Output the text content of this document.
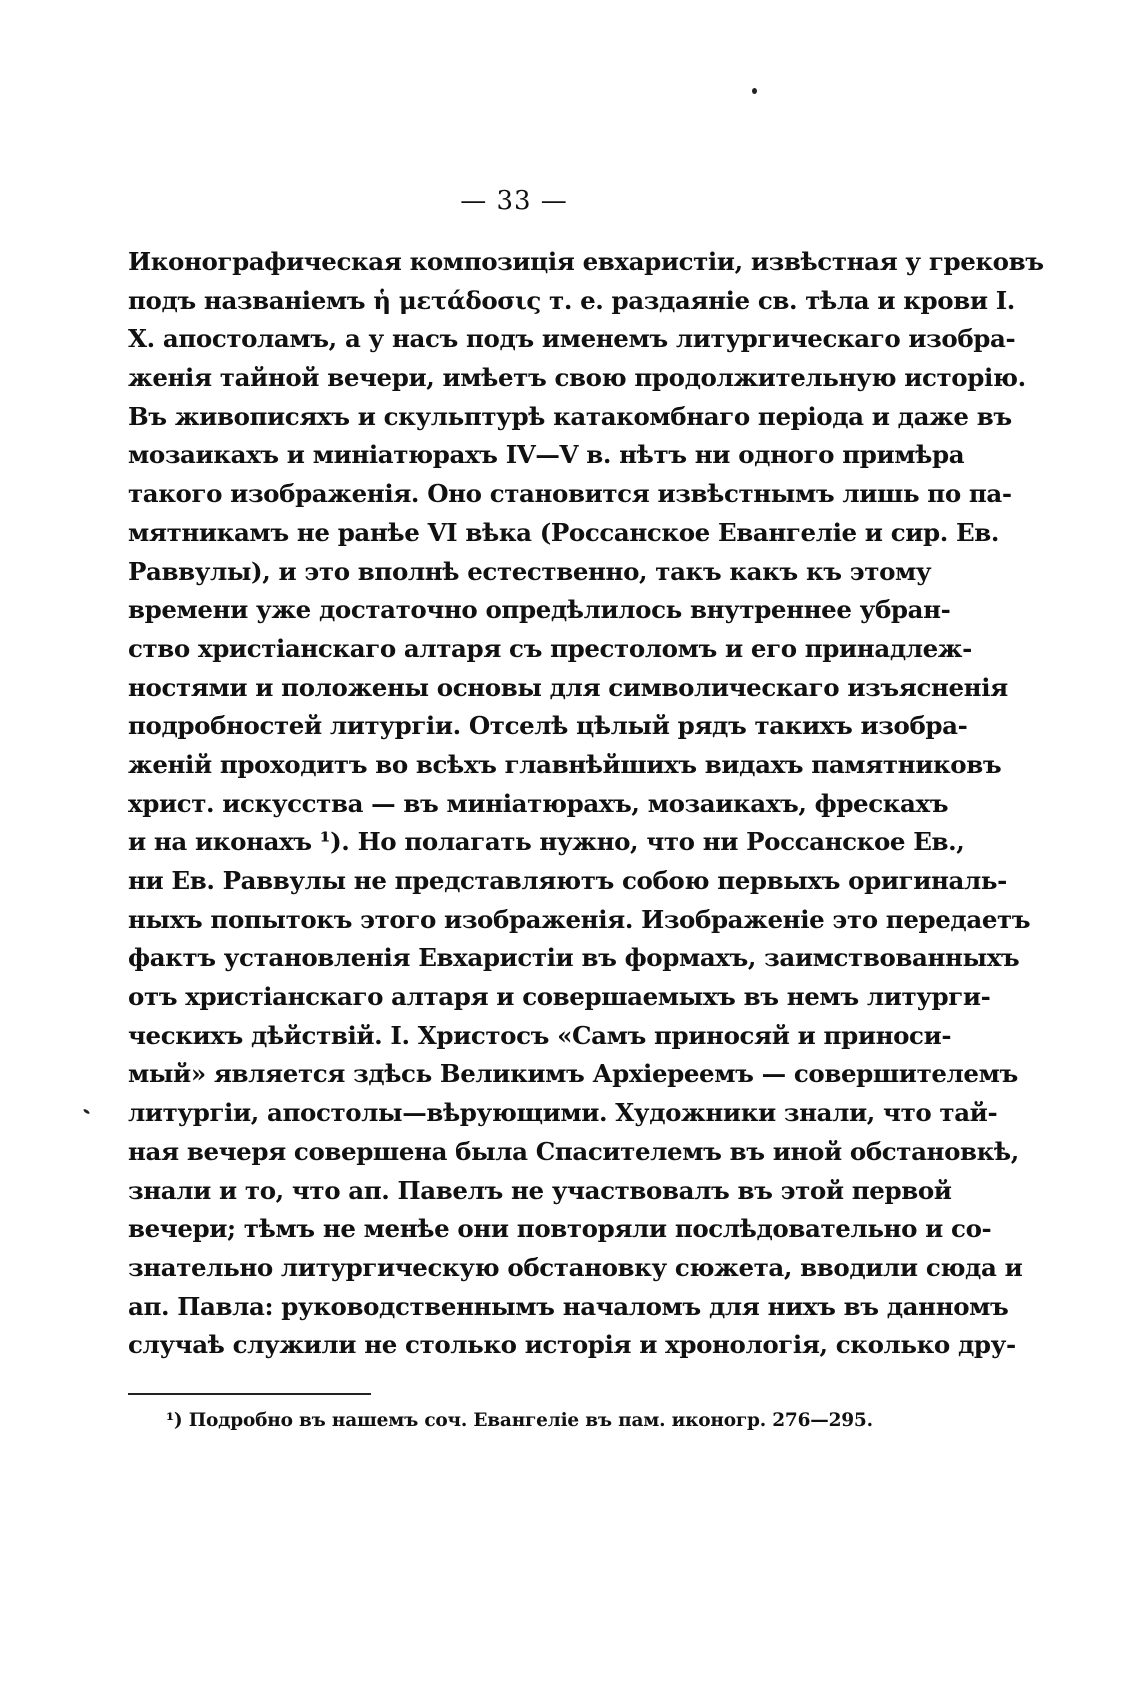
— 33 —
Иконографическая композиція евхаристіи, извѣстная у грековъ
подъ названіемъ ἡ μετάδοσις т. е. раздаяніе св. тѣла и крови І.
Х. апостоламъ, а у насъ подъ именемъ литургическаго изобра-
женія тайной вечери, имѣетъ свою продолжительную исторію.
Въ живописяхъ и скульптурѣ катакомбнаго періода и даже въ
мозаикахъ и миніатюрахъ IV—V в. нѣтъ ни одного примѣра
такого изображенія. Оно становится извѣстнымъ лишь по па-
мятникамъ не ранѣе VI вѣка (Россанское Евангеліе и сир. Ев.
Раввулы), и это вполнѣ естественно, такъ какъ къ этому
времени уже достаточно опредѣлилось внутреннее убран-
ство христіанскаго алтаря съ престоломъ и его принадлеж-
ностями и положены основы для символическаго изъясненія
подробностей литургіи. Отселѣ цѣлый рядъ такихъ изобра-
женій проходитъ во всѣхъ главнѣйшихъ видахъ памятниковъ
христ. искусства — въ миніатюрахъ, мозаикахъ, фрескахъ
и на иконахъ ¹). Но полагать нужно, что ни Россанское Ев.,
ни Ев. Раввулы не представляютъ собою первыхъ оригиналь-
ныхъ попытокъ этого изображенія. Изображеніе это передаетъ
фактъ установленія Евхаристіи въ формахъ, заимствованныхъ
отъ христіанскаго алтаря и совершаемыхъ въ немъ литурги-
ческихъ дѣйствій. І. Христосъ «Самъ приносяй и приноси-
мый» является здѣсь Великимъ Архіереемъ — совершителемъ
литургіи, апостолы—вѣрующими. Художники знали, что тай-
ная вечеря совершена была Спасителемъ въ иной обстановкѣ,
знали и то, что ап. Павелъ не участвовалъ въ этой первой
вечери; тѣмъ не менѣе они повторяли послѣдовательно и со-
знательно литургическую обстановку сюжета, вводили сюда и
ап. Павла: руководственнымъ началомъ для нихъ въ данномъ
случаѣ служили не столько исторія и хронологія, сколько дру-
¹) Подробно въ нашемъ соч. Евангеліе въ пам. иконогр. 276—295.
